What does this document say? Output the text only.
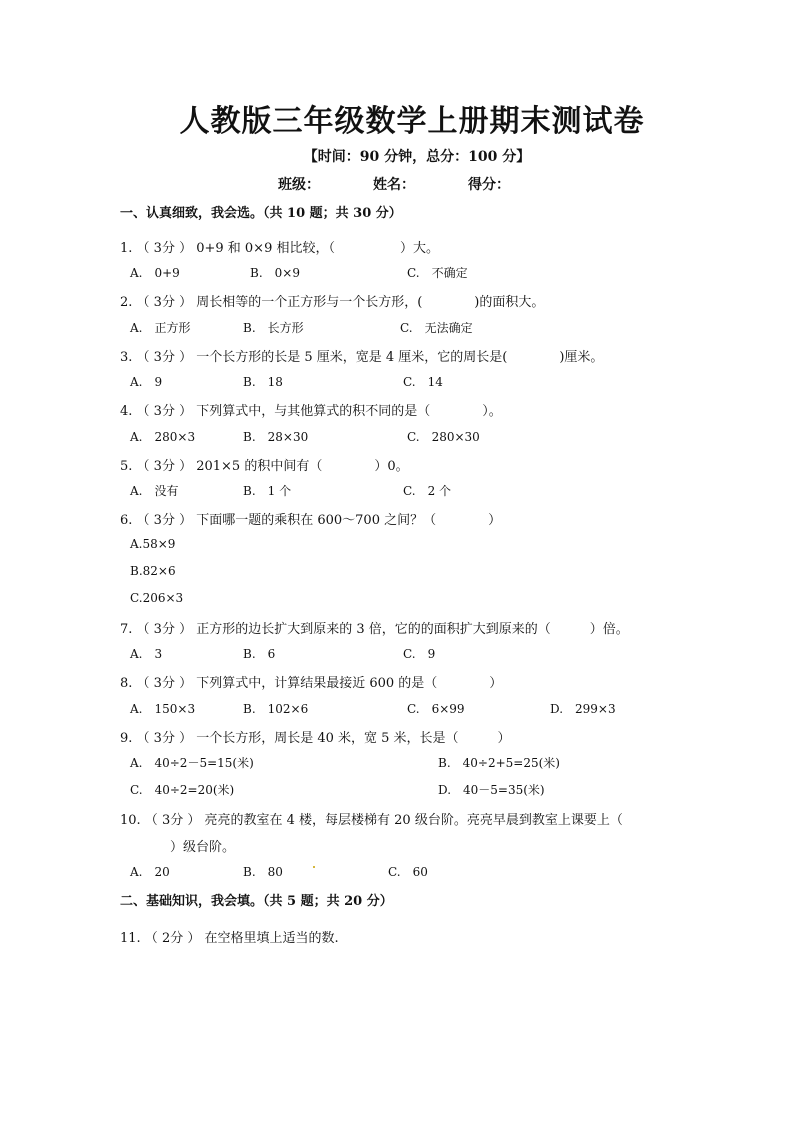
人教版三年级数学上册期末测试卷
【时间：90 分钟，总分：100 分】
班级：	姓名：	得分：
一、认真细致，我会选。（共 10 题；共 30 分）
1. （ 3分 ） 0+9 和 0×9 相比较，（　　　　　）大。
A.　0+9	B.　0×9	C.　不确定
2. （ 3分 ） 周长相等的一个正方形与一个长方形，(　　　　)的面积大。
A.　正方形	B.　长方形	C.　无法确定
3. （ 3分 ） 一个长方形的长是 5 厘米，宽是 4 厘米，它的周长是(　　　　)厘米。
A.　9	B.　18	C.　14
4. （ 3分 ） 下列算式中，与其他算式的积不同的是（　　　　）。
A.　280×3	B.　28×30	C.　280×30
5. （ 3分 ） 201×5 的积中间有（　　　　）0。
A.　没有	B.　1 个	C.　2 个
6. （ 3分 ） 下面哪一题的乘积在 600～700 之间？（　　　　）
A.58×9
B.82×6
C.206×3
7. （ 3分 ） 正方形的边长扩大到原来的 3 倍，它的的面积扩大到原来的（　　　）倍。
A.　3	B.　6	C.　9
8. （ 3分 ） 下列算式中，计算结果最接近 600 的是（　　　　）
A.　150×3	B.　102×6	C.　6×99	D.　299×3
9. （ 3分 ） 一个长方形，周长是 40 米，宽 5 米，长是（　　　）
A.　40÷2－5=15(米)	B.　40÷2+5=25(米)
C.　40÷2=20(米)	D.　40－5=35(米)
10. （ 3分 ） 亮亮的教室在 4 楼，每层楼梯有 20 级台阶。亮亮早晨到教室上课要上（
）级台阶。
A.　20	B.　80	C.　60
二、基础知识，我会填。（共 5 题；共 20 分）
11. （ 2分 ） 在空格里填上适当的数.
